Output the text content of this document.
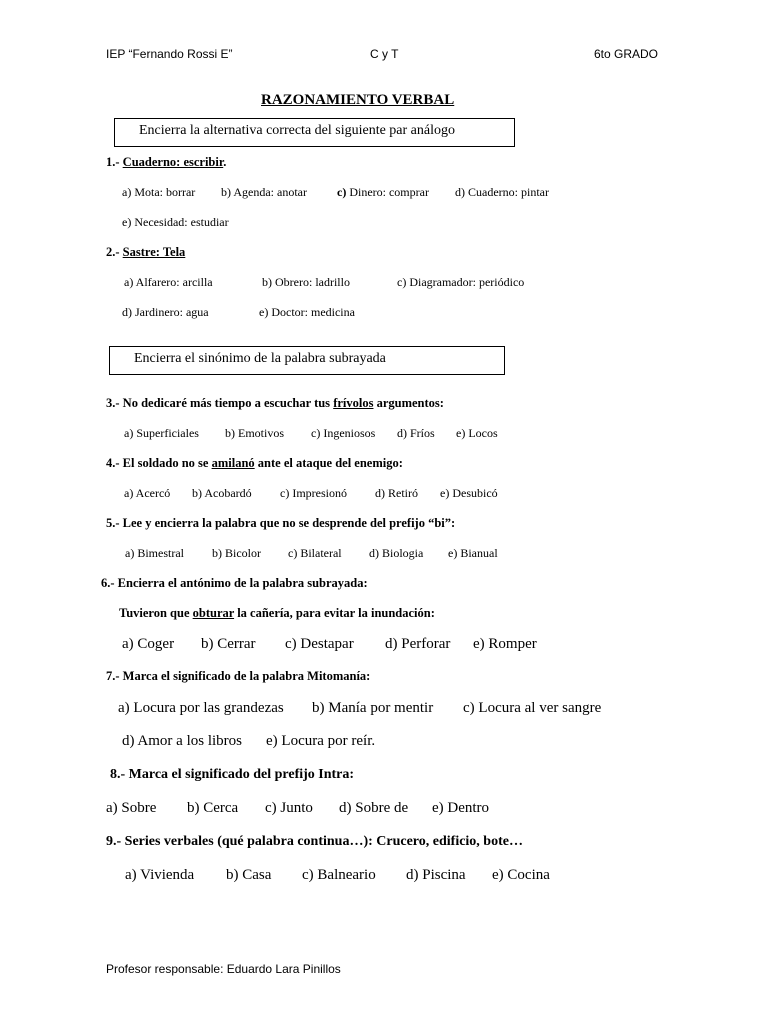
IEP “Fernando Rossi E”	C y T	6to GRADO
RAZONAMIENTO VERBAL
Encierra la alternativa correcta del siguiente par análogo
1.- Cuaderno: escribir.
a) Mota: borrar b) Agenda: anotar	c) Dinero: comprar d) Cuaderno: pintar
e) Necesidad: estudiar
2.- Sastre: Tela
a) Alfarero: arcilla	b) Obrero: ladrillo	c) Diagramador: periódico
d) Jardinero: agua	e) Doctor: medicina
Encierra el sinónimo de la palabra subrayada
3.- No dedicaré más tiempo a escuchar tus frívolos argumentos:
a) Superficiales b) Emotivos c) Ingeniosos d) Fríos e) Locos
4.- El soldado no se amilanó ante el ataque del enemigo:
a) Acercó b) Acobardó c) Impresionó d) Retiró e) Desubicó
5.- Lee y encierra la palabra que no se desprende del prefijo “bi”:
a) Bimestral b) Bicolor c) Bilateral d) Biologia e) Bianual
6.- Encierra el antónimo de la palabra subrayada:
Tuvieron que obturar la cañería, para evitar la inundación:
a) Coger b) Cerrar c) Destapar d) Perforar e) Romper
7.- Marca el significado de la palabra Mitomanía:
a) Locura por las grandezas b) Manía por mentir c) Locura al ver sangre
d) Amor a los libros e) Locura por reír.
8.- Marca el significado del prefijo Intra:
a) Sobre b) Cerca c) Junto d) Sobre de e) Dentro
9.- Series verbales (qué palabra continua…): Crucero, edificio, bote…
a) Vivienda b) Casa c) Balneario d) Piscina e) Cocina
Profesor responsable: Eduardo Lara Pinillos
